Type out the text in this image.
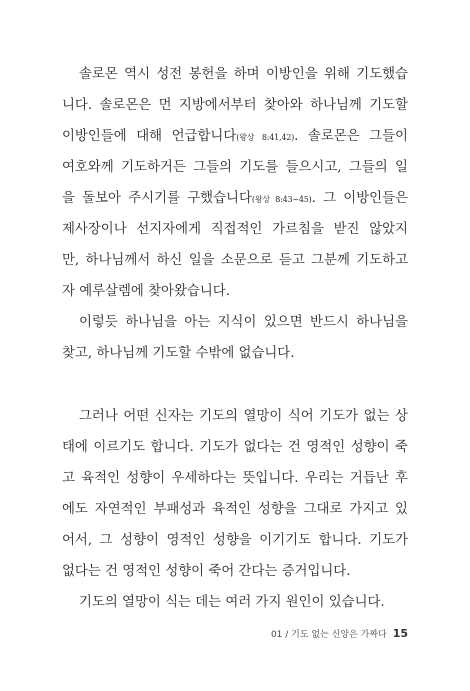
솔로몬 역시 성전 봉헌을 하며 이방인을 위해 기도했습
니다. 솔로몬은 먼 지방에서부터 찾아와 하나님께 기도할
이방인들에 대해 언급합니다(왕상 8:41,42). 솔로몬은 그들이
여호와께 기도하거든 그들의 기도를 들으시고, 그들의 일
을 돌보아 주시기를 구했습니다(왕상 8:43~45). 그 이방인들은
제사장이나 선지자에게 직접적인 가르침을 받진 않았지
만, 하나님께서 하신 일을 소문으로 듣고 그분께 기도하고
자 예루살렘에 찾아왔습니다.
이렇듯 하나님을 아는 지식이 있으면 반드시 하나님을
찾고, 하나님께 기도할 수밖에 없습니다.
그러나 어떤 신자는 기도의 열망이 식어 기도가 없는 상
태에 이르기도 합니다. 기도가 없다는 건 영적인 성향이 죽
고 육적인 성향이 우세하다는 뜻입니다. 우리는 거듭난 후
에도 자연적인 부패성과 육적인 성향을 그대로 가지고 있
어서, 그 성향이 영적인 성향을 이기기도 합니다. 기도가
없다는 건 영적인 성향이 죽어 간다는 증거입니다.
기도의 열망이 식는 데는 여러 가지 원인이 있습니다.
01 / 기도 없는 신앙은 가짜다 15
